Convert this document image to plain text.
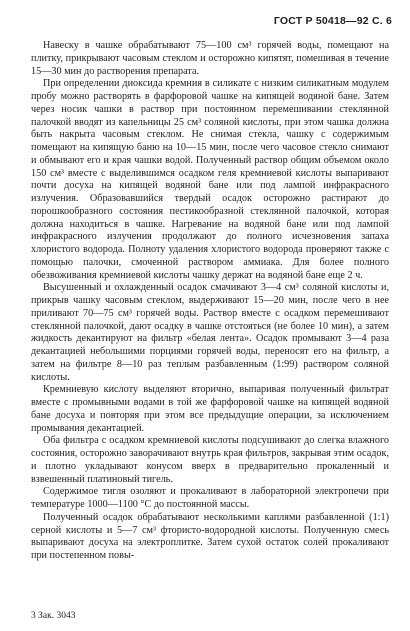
ГОСТ Р 50418—92 С. 6

Навеску в чашке обрабатывают 75—100 см³ горячей воды, помещают на плитку, прикрывают часовым стеклом и осторожно кипятят, помешивая в течение 15—30 мин до растворения препарата.

При определении диоксида кремния в силикате с низким силикатным модулем пробу можно растворять в фарфоровой чашке на кипящей водяной бане. Затем через носик чашки в раствор при постоянном перемешивании стеклянной палочкой вводят из капельницы 25 см³ соляной кислоты, при этом чашка должна быть накрыта часовым стеклом. Не снимая стекла, чашку с содержимым помещают на кипящую баню на 10—15 мин, после чего часовое стекло снимают и обмывают его и края чашки водой. Полученный раствор общим объемом около 150 см³ вместе с выделившимся осадком геля кремниевой кислоты выпаривают почти досуха на кипящей водяной бане или под лампой инфракрасного излучения. Образовавшийся твердый осадок осторожно растирают до порошкообразного состояния пестикообразной стеклянной палочкой, которая должна находиться в чашке. Нагревание на водяной бане или под лампой инфракрасного излучения продолжают до полного исчезновения запаха хлористого водорода. Полноту удаления хлористого водорода проверяют также с помощью палочки, смоченной раствором аммиака. Для более полного обезвоживания кремниевой кислоты чашку держат на водяной бане еще 2 ч.

Высушенный и охлажденный осадок смачивают 3—4 см³ соляной кислоты и, прикрыв чашку часовым стеклом, выдерживают 15—20 мин, после чего в нее приливают 70—75 см³ горячей воды. Раствор вместе с осадком перемешивают стеклянной палочкой, дают осадку в чашке отстояться (не более 10 мин), а затем жидкость декантируют на фильтр «белая лента». Осадок промывают 3—4 раза декантацией небольшими порциями горячей воды, переносят его на фильтр, а затем на фильтре 8—10 раз теплым разбавленным (1:99) раствором соляной кислоты.

Кремниевую кислоту выделяют вторично, выпаривая полученный фильтрат вместе с промывными водами в той же фарфоровой чашке на кипящей водяной бане досуха и повторяя при этом все предыдущие операции, за исключением промывания декантацией.

Оба фильтра с осадком кремниевой кислоты подсушивают до слегка влажного состояния, осторожно заворачивают внутрь края фильтров, закрывая этим осадок, и плотно укладывают конусом вверх в предварительно прокаленный и взвешенный платиновый тигель.

Содержимое тигля озоляют и прокаливают в лабораторной электропечи при температуре 1000—1100 °С до постоянной массы.

Полученный осадок обрабатывают несколькими каплями разбавленной (1:1) серной кислоты и 5—7 см³ фтористо-водородной кислоты. Полученную смесь выпаривают досуха на электроплитке. Затем сухой остаток солей прокаливают при постепенном повы-

3 Зак. 3043
